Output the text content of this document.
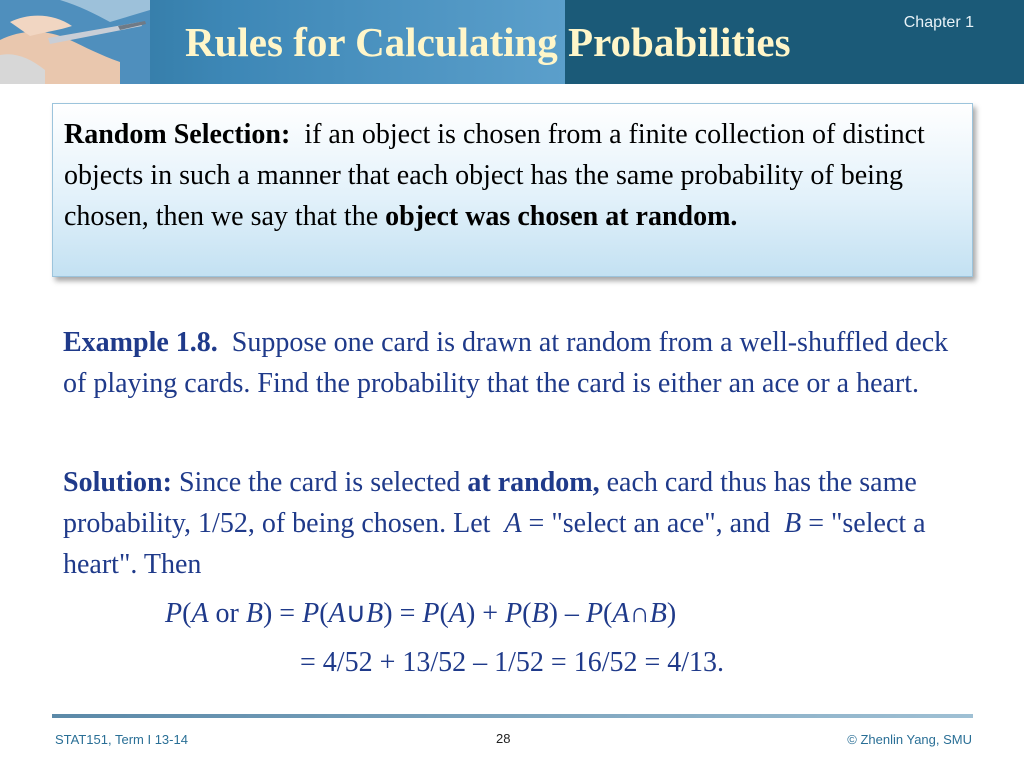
Rules for Calculating Probabilities	Chapter 1
Random Selection: if an object is chosen from a finite collection of distinct objects in such a manner that each object has the same probability of being chosen, then we say that the object was chosen at random.
Example 1.8. Suppose one card is drawn at random from a well-shuffled deck of playing cards. Find the probability that the card is either an ace or a heart.
Solution: Since the card is selected at random, each card thus has the same probability, 1/52, of being chosen. Let A = "select an ace", and B = "select a heart". Then
P(A or B) = P(A∪B) = P(A) + P(B) – P(A∩B)
= 4/52 + 13/52 – 1/52 = 16/52 = 4/13.
STAT151, Term I 13-14	28	© Zhenlin Yang, SMU
